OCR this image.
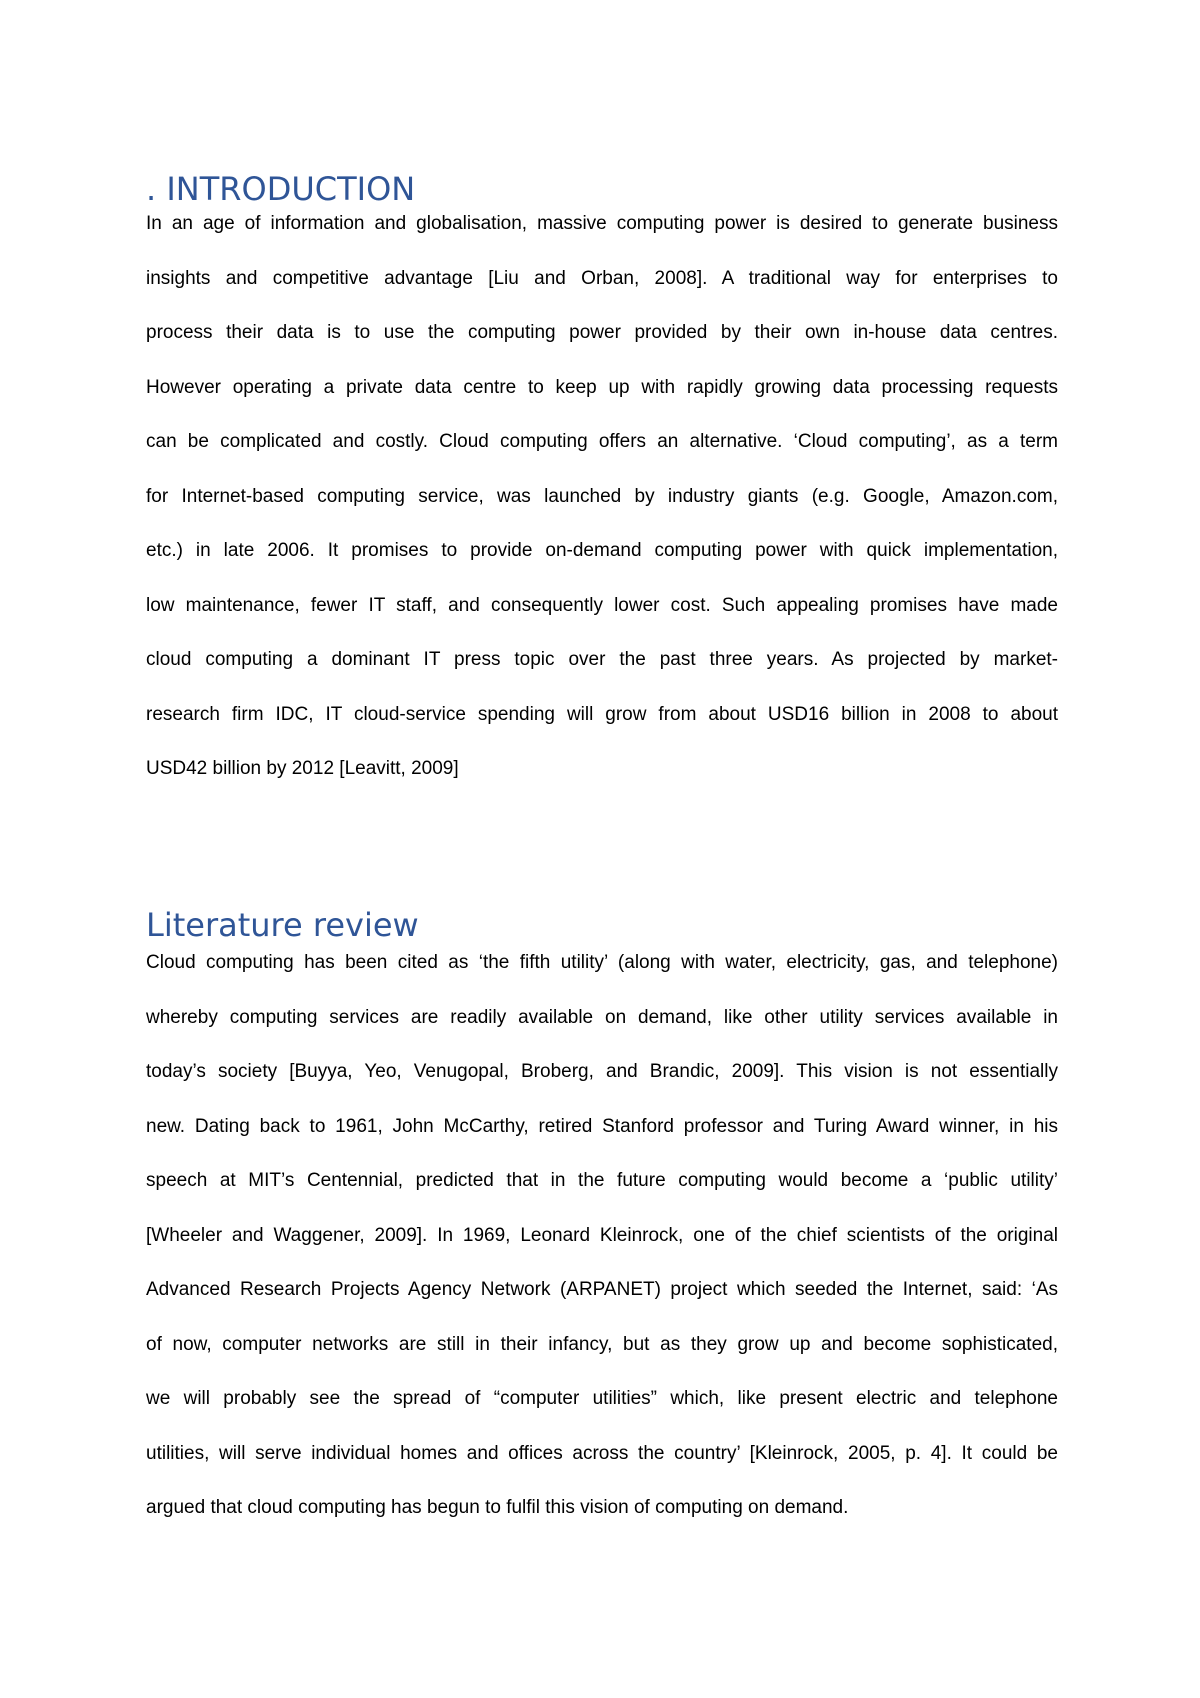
. INTRODUCTION
In an age of information and globalisation, massive computing power is desired to generate business
insights and competitive advantage [Liu and Orban, 2008]. A traditional way for enterprises to
process their data is to use the computing power provided by their own in-house data centres.
However operating a private data centre to keep up with rapidly growing data processing requests
can be complicated and costly. Cloud computing offers an alternative. ‘Cloud computing’, as a term
for Internet-based computing service, was launched by industry giants (e.g. Google, Amazon.com,
etc.) in late 2006. It promises to provide on-demand computing power with quick implementation,
low maintenance, fewer IT staff, and consequently lower cost. Such appealing promises have made
cloud computing a dominant IT press topic over the past three years. As projected by market-
research firm IDC, IT cloud-service spending will grow from about USD16 billion in 2008 to about
USD42 billion by 2012 [Leavitt, 2009]
Literature review
Cloud computing has been cited as ‘the fifth utility’ (along with water, electricity, gas, and telephone)
whereby computing services are readily available on demand, like other utility services available in
today’s society [Buyya, Yeo, Venugopal, Broberg, and Brandic, 2009]. This vision is not essentially
new. Dating back to 1961, John McCarthy, retired Stanford professor and Turing Award winner, in his
speech at MIT’s Centennial, predicted that in the future computing would become a ‘public utility’
[Wheeler and Waggener, 2009]. In 1969, Leonard Kleinrock, one of the chief scientists of the original
Advanced Research Projects Agency Network (ARPANET) project which seeded the Internet, said: ‘As
of now, computer networks are still in their infancy, but as they grow up and become sophisticated,
we will probably see the spread of “computer utilities” which, like present electric and telephone
utilities, will serve individual homes and offices across the country’ [Kleinrock, 2005, p. 4]. It could be
argued that cloud computing has begun to fulfil this vision of computing on demand.
